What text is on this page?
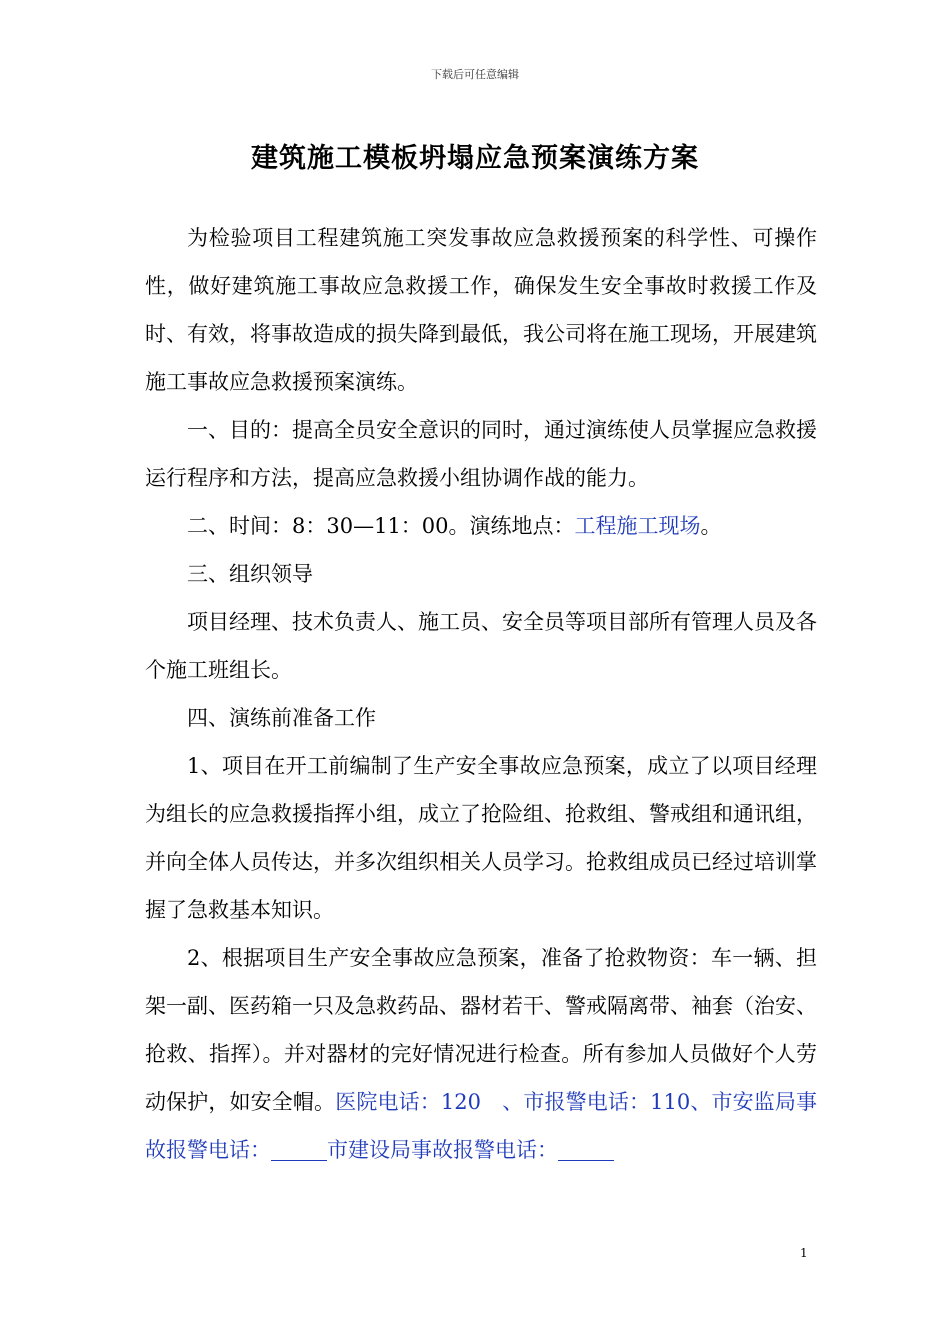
下载后可任意编辑
建筑施工模板坍塌应急预案演练方案

为检验项目工程建筑施工突发事故应急救援预案的科学性、可操作性，做好建筑施工事故应急救援工作，确保发生安全事故时救援工作及时、有效，将事故造成的损失降到最低，我公司将在施工现场，开展建筑施工事故应急救援预案演练。

一、目的：提高全员安全意识的同时，通过演练使人员掌握应急救援运行程序和方法，提高应急救援小组协调作战的能力。

二、时间：8：30—11：00。演练地点：工程施工现场。

三、组织领导

项目经理、技术负责人、施工员、安全员等项目部所有管理人员及各个施工班组长。

四、演练前准备工作

1、项目在开工前编制了生产安全事故应急预案，成立了以项目经理为组长的应急救援指挥小组，成立了抢险组、抢救组、警戒组和通讯组，并向全体人员传达，并多次组织相关人员学习。抢救组成员已经过培训掌握了急救基本知识。

2、根据项目生产安全事故应急预案，准备了抢救物资：车一辆、担架一副、医药箱一只及急救药品、器材若干、警戒隔离带、袖套（治安、抢救、指挥）。并对器材的完好情况进行检查。所有参加人员做好个人劳动保护，如安全帽。医院电话：120　、市报警电话：110、市安监局事故报警电话：	市建设局事故报警电话：

1
